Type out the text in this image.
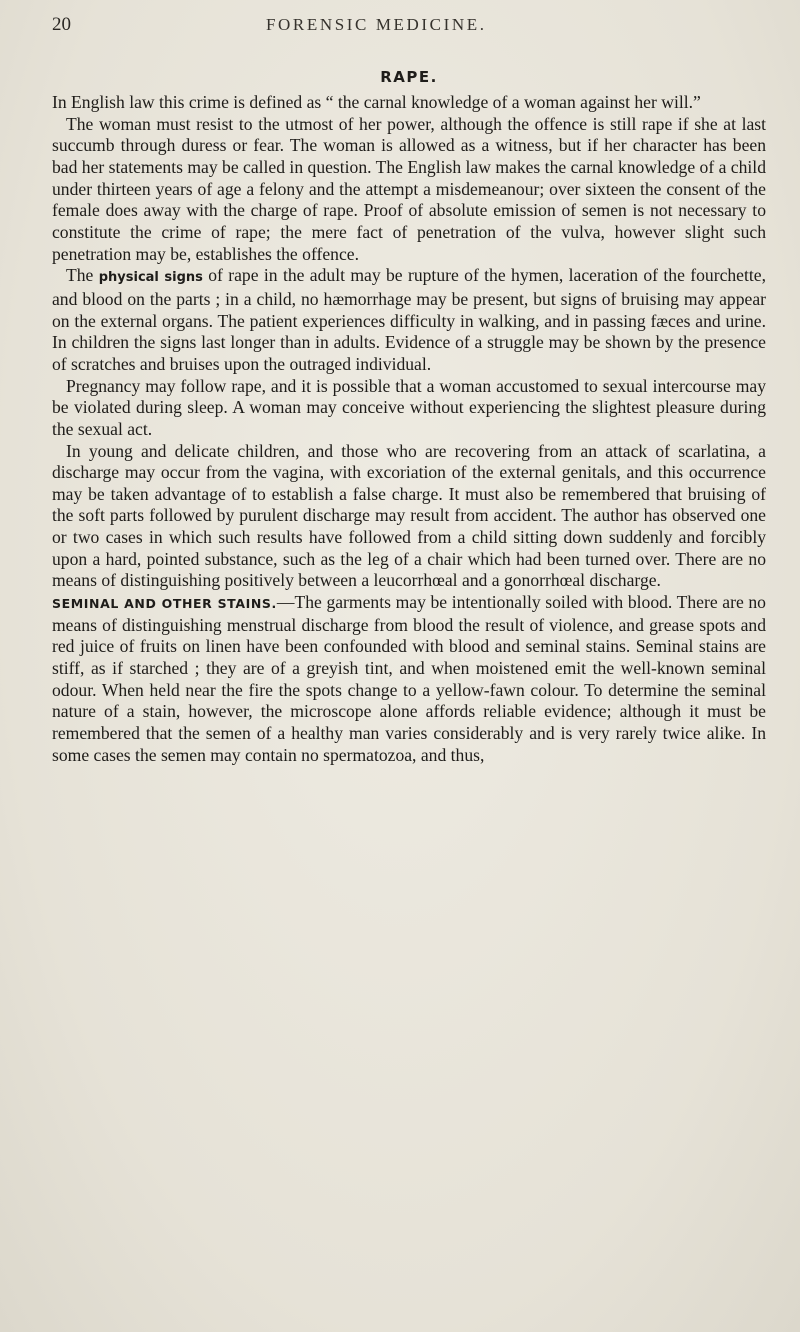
20	FORENSIC MEDICINE.
RAPE.

In English law this crime is defined as “ the carnal knowledge of a woman against her will.”

The woman must resist to the utmost of her power, although the offence is still rape if she at last succumb through duress or fear. The woman is allowed as a witness, but if her character has been bad her statements may be called in question. The English law makes the carnal knowledge of a child under thirteen years of age a felony and the attempt a misdemeanour; over sixteen the consent of the female does away with the charge of rape. Proof of absolute emission of semen is not necessary to constitute the crime of rape; the mere fact of penetration of the vulva, however slight such penetration may be, establishes the offence.

The physical signs of rape in the adult may be rupture of the hymen, laceration of the fourchette, and blood on the parts ; in a child, no hæmorrhage may be present, but signs of bruising may appear on the external organs. The patient experiences difficulty in walking, and in passing fæces and urine. In children the signs last longer than in adults. Evidence of a struggle may be shown by the presence of scratches and bruises upon the outraged individual.

Pregnancy may follow rape, and it is possible that a woman accustomed to sexual intercourse may be violated during sleep. A woman may conceive without experiencing the slightest pleasure during the sexual act.

In young and delicate children, and those who are recovering from an attack of scarlatina, a discharge may occur from the vagina, with excoriation of the external genitals, and this occurrence may be taken advantage of to establish a false charge. It must also be remembered that bruising of the soft parts followed by purulent discharge may result from accident. The author has observed one or two cases in which such results have followed from a child sitting down suddenly and forcibly upon a hard, pointed substance, such as the leg of a chair which had been turned over. There are no means of distinguishing positively between a leucorrhœal and a gonorrhœal discharge.

SEMINAL AND OTHER STAINS.—The garments may be intentionally soiled with blood. There are no means of distinguishing menstrual discharge from blood the result of violence, and grease spots and red juice of fruits on linen have been confounded with blood and seminal stains. Seminal stains are stiff, as if starched ; they are of a greyish tint, and when moistened emit the well-known seminal odour. When held near the fire the spots change to a yellow-fawn colour. To determine the seminal nature of a stain, however, the microscope alone affords reliable evidence; although it must be remembered that the semen of a healthy man varies considerably and is very rarely twice alike. In some cases the semen may contain no spermatozoa, and thus,
